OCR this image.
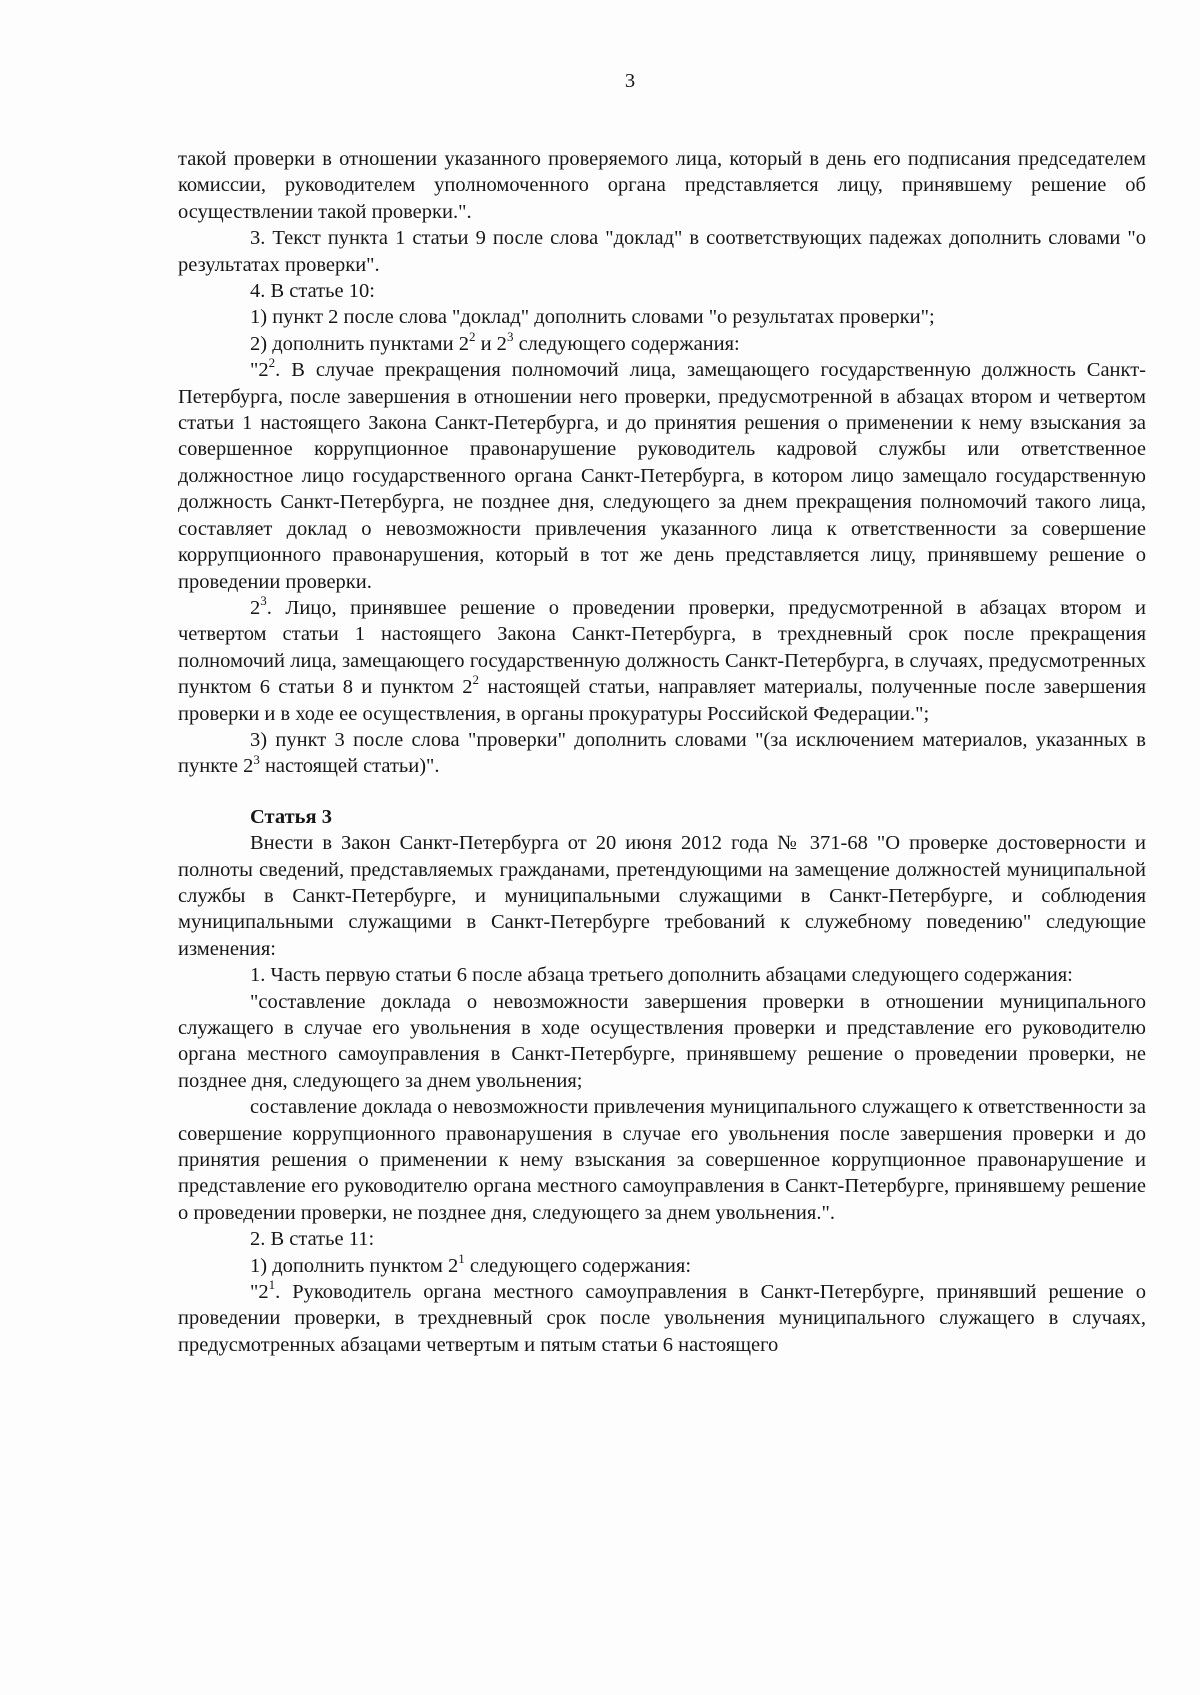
3

такой проверки в отношении указанного проверяемого лица, который в день его подписания председателем комиссии, руководителем уполномоченного органа представляется лицу, принявшему решение об осуществлении такой проверки.".

3. Текст пункта 1 статьи 9 после слова "доклад" в соответствующих падежах дополнить словами "о результатах проверки".

4. В статье 10:

1) пункт 2 после слова "доклад" дополнить словами "о результатах проверки";

2) дополнить пунктами $2^2$ и $2^3$ следующего содержания:

"$2^2$. В случае прекращения полномочий лица, замещающего государственную должность Санкт-Петербурга, после завершения в отношении него проверки, предусмотренной в абзацах втором и четвертом статьи 1 настоящего Закона Санкт-Петербурга, и до принятия решения о применении к нему взыскания за совершенное коррупционное правонарушение руководитель кадровой службы или ответственное должностное лицо государственного органа Санкт-Петербурга, в котором лицо замещало государственную должность Санкт-Петербурга, не позднее дня, следующего за днем прекращения полномочий такого лица, составляет доклад о невозможности привлечения указанного лица к ответственности за совершение коррупционного правонарушения, который в тот же день представляется лицу, принявшему решение о проведении проверки.

$2^3$. Лицо, принявшее решение о проведении проверки, предусмотренной в абзацах втором и четвертом статьи 1 настоящего Закона Санкт-Петербурга, в трехдневный срок после прекращения полномочий лица, замещающего государственную должность Санкт-Петербурга, в случаях, предусмотренных пунктом 6 статьи 8 и пунктом $2^2$ настоящей статьи, направляет материалы, полученные после завершения проверки и в ходе ее осуществления, в органы прокуратуры Российской Федерации.";

3) пункт 3 после слова "проверки" дополнить словами "(за исключением материалов, указанных в пункте $2^3$ настоящей статьи)".

Статья 3

Внести в Закон Санкт-Петербурга от 20 июня 2012 года № 371-68 "О проверке достоверности и полноты сведений, представляемых гражданами, претендующими на замещение должностей муниципальной службы в Санкт-Петербурге, и муниципальными служащими в Санкт-Петербурге, и соблюдения муниципальными служащими в Санкт-Петербурге требований к служебному поведению" следующие изменения:

1. Часть первую статьи 6 после абзаца третьего дополнить абзацами следующего содержания:

"составление доклада о невозможности завершения проверки в отношении муниципального служащего в случае его увольнения в ходе осуществления проверки и представление его руководителю органа местного самоуправления в Санкт-Петербурге, принявшему решение о проведении проверки, не позднее дня, следующего за днем увольнения;

составление доклада о невозможности привлечения муниципального служащего к ответственности за совершение коррупционного правонарушения в случае его увольнения после завершения проверки и до принятия решения о применении к нему взыскания за совершенное коррупционное правонарушение и представление его руководителю органа местного самоуправления в Санкт-Петербурге, принявшему решение о проведении проверки, не позднее дня, следующего за днем увольнения.".

2. В статье 11:

1) дополнить пунктом $2^1$ следующего содержания:

"$2^1$. Руководитель органа местного самоуправления в Санкт-Петербурге, принявший решение о проведении проверки, в трехдневный срок после увольнения муниципального служащего в случаях, предусмотренных абзацами четвертым и пятым статьи 6 настоящего
